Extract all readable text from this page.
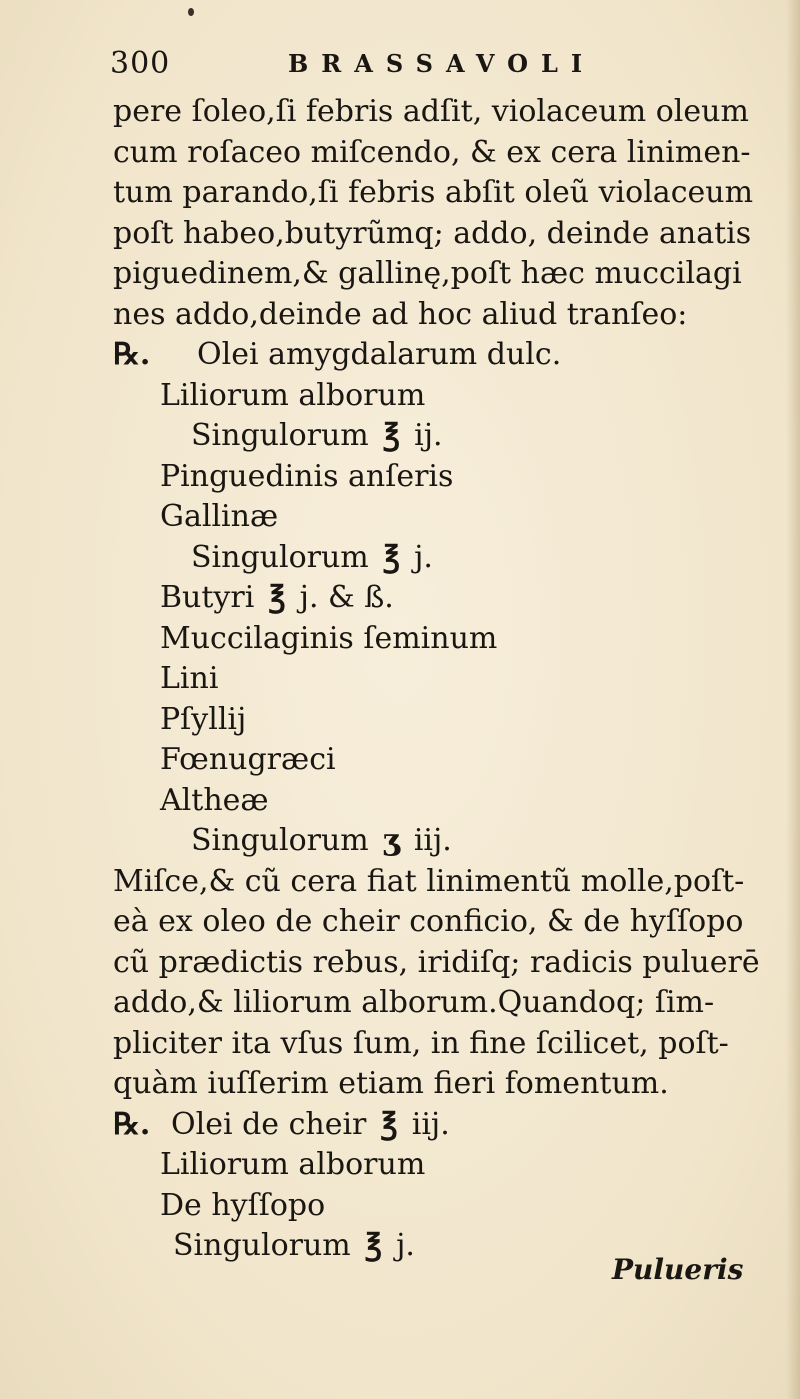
300	BRASSAVOLI
pere ſoleo,ſi febris adſit, violaceum oleum
cum roſaceo miſcendo, & ex cera linimen-
tum parando,ſi febris abſit oleũ violaceum
poſt habeo,butyrũmq; addo, deinde anatis
piguedinem,& gallinę,poſt hæc muccilagi
nes addo,deinde ad hoc aliud tranſeo:
℞. Olei amygdalarum dulc.
Liliorum alborum
Singulorum ℥ ij.
Pinguedinis anſeris
Gallinæ
Singulorum ℥ j.
Butyri ℥ j. & ß.
Muccilaginis ſeminum
Lini
Pſyllij
Fœnugræci
Altheæ
Singulorum ʒ iij.
Miſce,& cũ cera fiat linimentũ molle,poſt-
eà ex oleo de cheir conficio, & de hyſſopo
cũ prædictis rebus, iridiſq; radicis puluerē
addo,& liliorum alborum.Quandoq; ſim-
pliciter ita vſus ſum, in fine ſcilicet, poſt-
quàm iuſſerim etiam fieri fomentum.
℞. Olei de cheir ℥ iij.
Liliorum alborum
De hyſſopo
Singulorum ℥ j.
Pulueris
